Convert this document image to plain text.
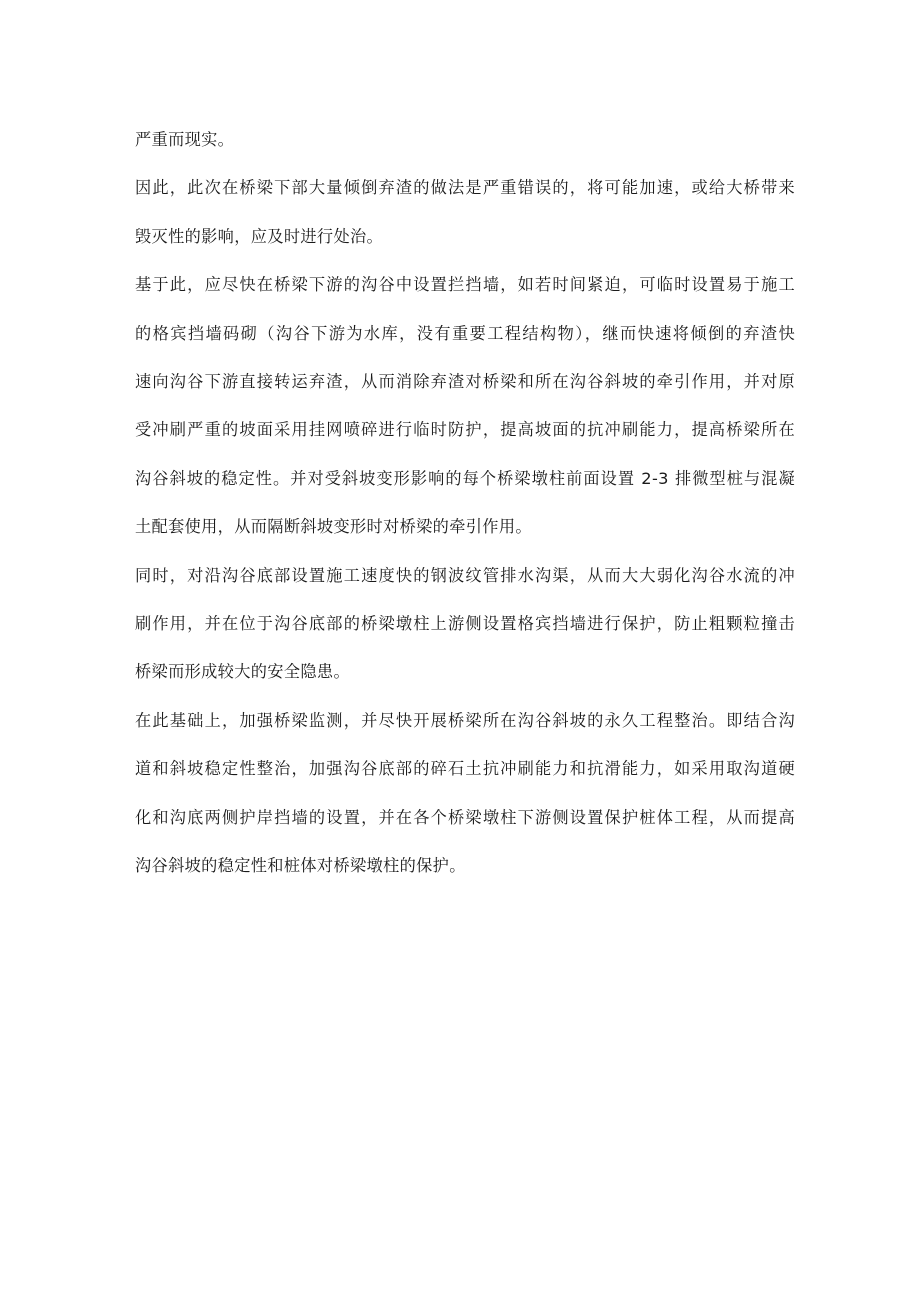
严重而现实。

因此，此次在桥梁下部大量倾倒弃渣的做法是严重错误的，将可能加速，或给大桥带来
毁灭性的影响，应及时进行处治。

基于此，应尽快在桥梁下游的沟谷中设置拦挡墙，如若时间紧迫，可临时设置易于施工
的格宾挡墙码砌（沟谷下游为水库，没有重要工程结构物），继而快速将倾倒的弃渣快
速向沟谷下游直接转运弃渣，从而消除弃渣对桥梁和所在沟谷斜坡的牵引作用，并对原
受冲刷严重的坡面采用挂网喷碎进行临时防护，提高坡面的抗冲刷能力，提高桥梁所在
沟谷斜坡的稳定性。并对受斜坡变形影响的每个桥梁墩柱前面设置 2-3 排微型桩与混凝
土配套使用，从而隔断斜坡变形时对桥梁的牵引作用。

同时，对沿沟谷底部设置施工速度快的钢波纹管排水沟渠，从而大大弱化沟谷水流的冲
刷作用，并在位于沟谷底部的桥梁墩柱上游侧设置格宾挡墙进行保护，防止粗颗粒撞击
桥梁而形成较大的安全隐患。

在此基础上，加强桥梁监测，并尽快开展桥梁所在沟谷斜坡的永久工程整治。即结合沟
道和斜坡稳定性整治，加强沟谷底部的碎石土抗冲刷能力和抗滑能力，如采用取沟道硬
化和沟底两侧护岸挡墙的设置，并在各个桥梁墩柱下游侧设置保护桩体工程，从而提高
沟谷斜坡的稳定性和桩体对桥梁墩柱的保护。
